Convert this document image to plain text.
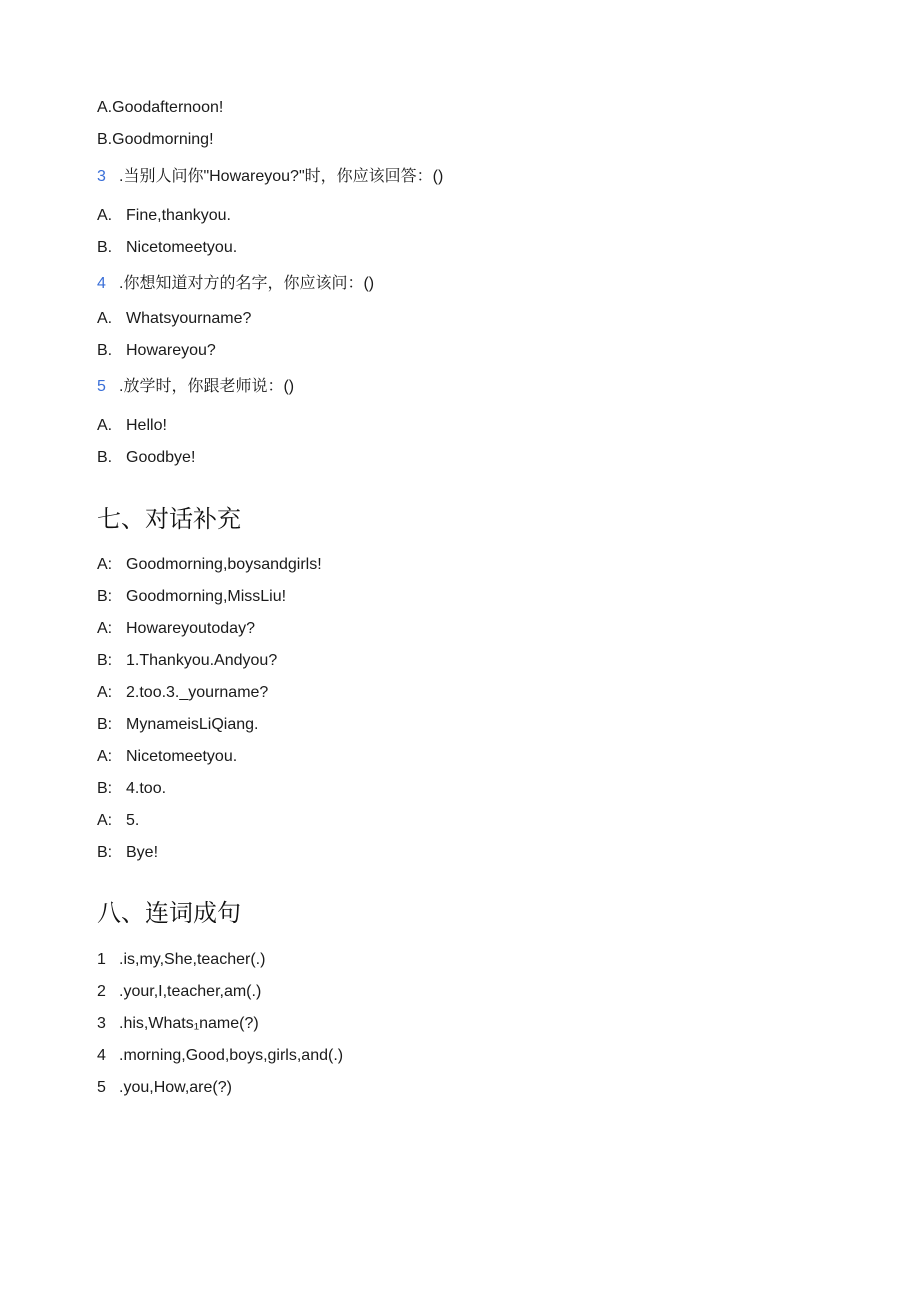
A.Goodafternoon!
B.Goodmorning!
3 .当别人问你"Howareyou?"时，你应该回答：()
A. Fine,thankyou.
B. Nicetomeetyou.
4 .你想知道对方的名字，你应该问：()
A. Whatsyourname?
B. Howareyou?
5 .放学时，你跟老师说：()
A. Hello!
B. Goodbye!
七、对话补充
A: Goodmorning,boysandgirls!
B: Goodmorning,MissLiu!
A: Howareyoutoday?
B: 1.Thankyou.Andyou?
A: 2.too.3._yourname?
B: MynameisLiQiang.
A: Nicetomeetyou.
B: 4.too.
A: 5.
B: Bye!
八、连词成句
1 .is,my,She,teacher(.)
2 .your,I,teacher,am(.)
3 .his,Whats₁name(?)
4 .morning,Good,boys,girls,and(.)
5 .you,How,are(?)
